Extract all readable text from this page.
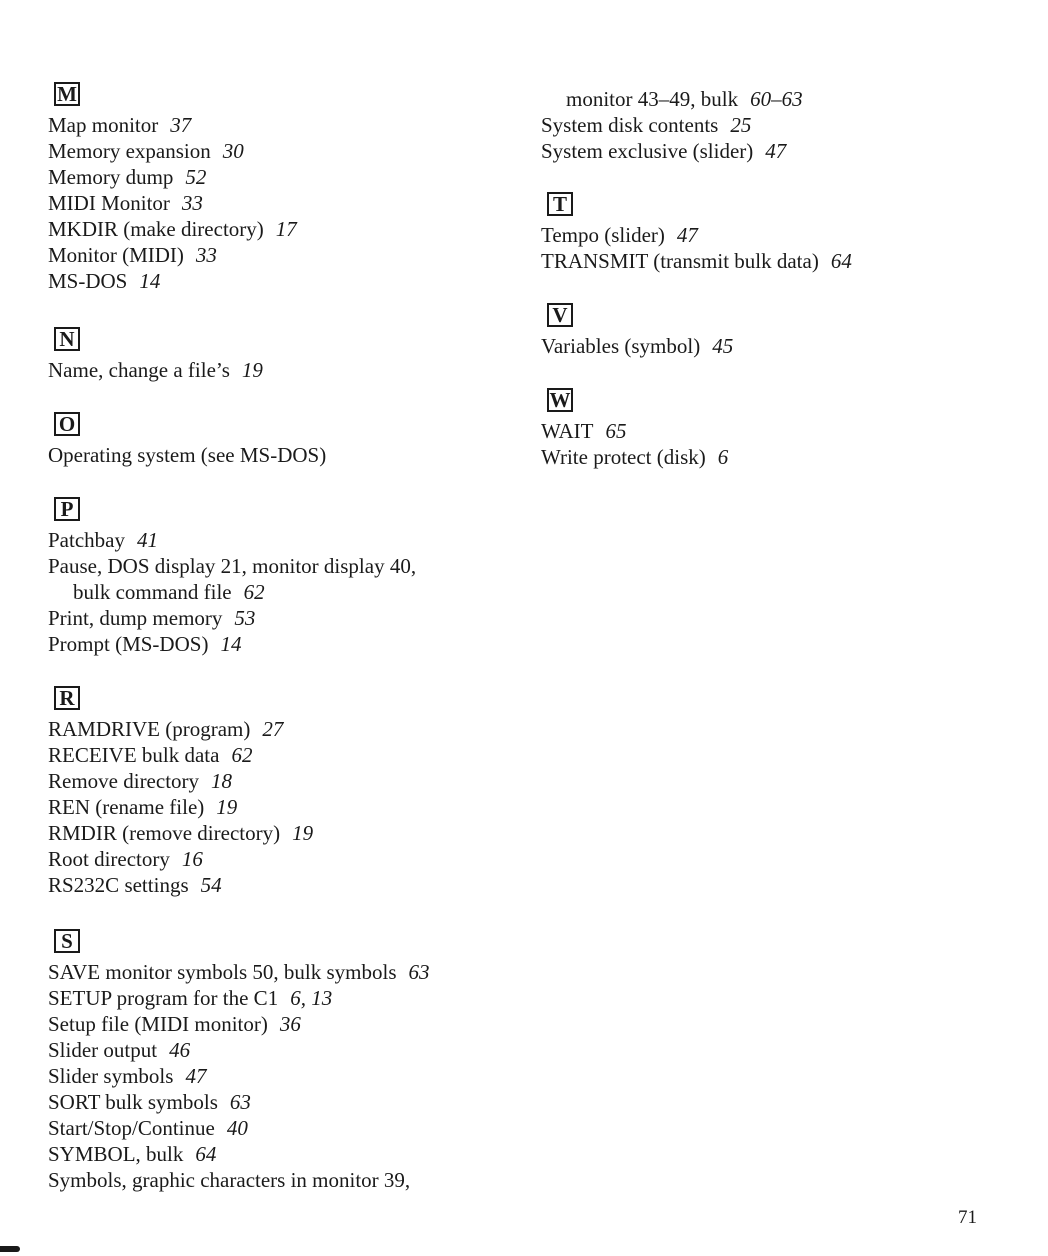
M
Map monitor 37
Memory expansion 30
Memory dump 52
MIDI Monitor 33
MKDIR (make directory) 17
Monitor (MIDI) 33
MS-DOS 14
N
Name, change a file’s 19
O
Operating system (see MS-DOS)
P
Patchbay 41
Pause, DOS display 21, monitor display 40,
bulk command file 62
Print, dump memory 53
Prompt (MS-DOS) 14
R
RAMDRIVE (program) 27
RECEIVE bulk data 62
Remove directory 18
REN (rename file) 19
RMDIR (remove directory) 19
Root directory 16
RS232C settings 54
S
SAVE monitor symbols 50, bulk symbols 63
SETUP program for the C1 6, 13
Setup file (MIDI monitor) 36
Slider output 46
Slider symbols 47
SORT bulk symbols 63
Start/Stop/Continue 40
SYMBOL, bulk 64
Symbols, graphic characters in monitor 39,
monitor 43–49, bulk 60–63
System disk contents 25
System exclusive (slider) 47
T
Tempo (slider) 47
TRANSMIT (transmit bulk data) 64
V
Variables (symbol) 45
W
WAIT 65
Write protect (disk) 6
71
